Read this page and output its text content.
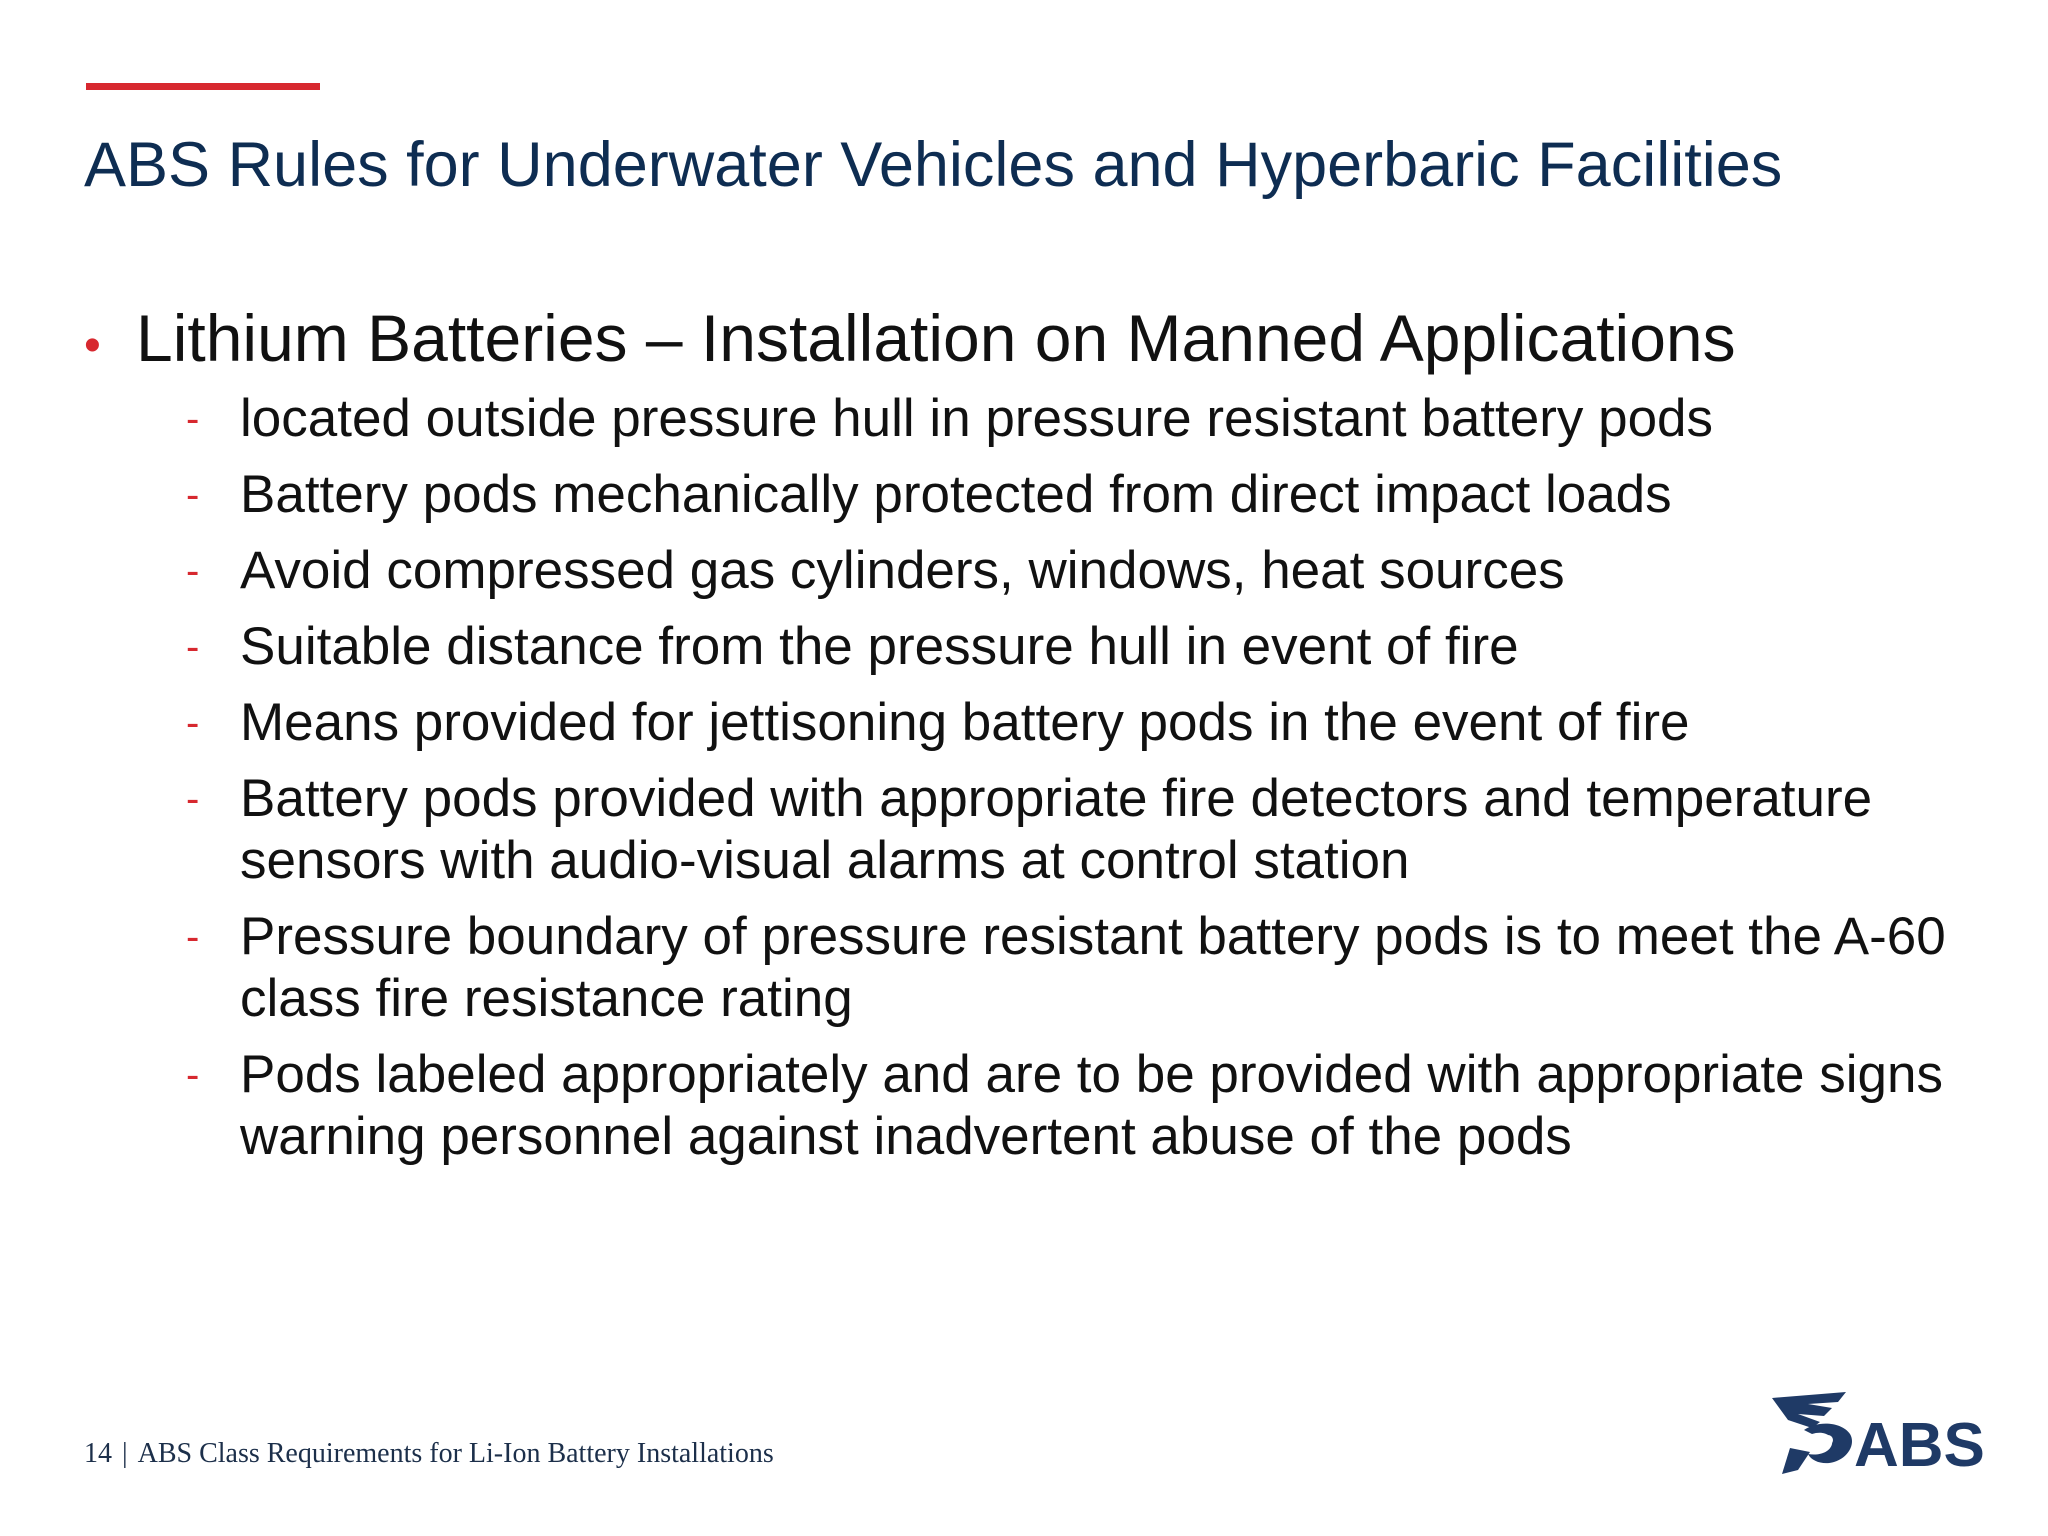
ABS Rules for Underwater Vehicles and Hyperbaric Facilities
• Lithium Batteries – Installation on Manned Applications
- located outside pressure hull in pressure resistant battery pods
- Battery pods mechanically protected from direct impact loads
- Avoid compressed gas cylinders, windows, heat sources
- Suitable distance from the pressure hull in event of fire
- Means provided for jettisoning battery pods in the event of fire
- Battery pods provided with appropriate fire detectors and temperature sensors with audio-visual alarms at control station
- Pressure boundary of pressure resistant battery pods is to meet the A-60 class fire resistance rating
- Pods labeled appropriately and are to be provided with appropriate signs warning personnel against inadvertent abuse of the pods
14 | ABS Class Requirements for Li-Ion Battery Installations	ABS
